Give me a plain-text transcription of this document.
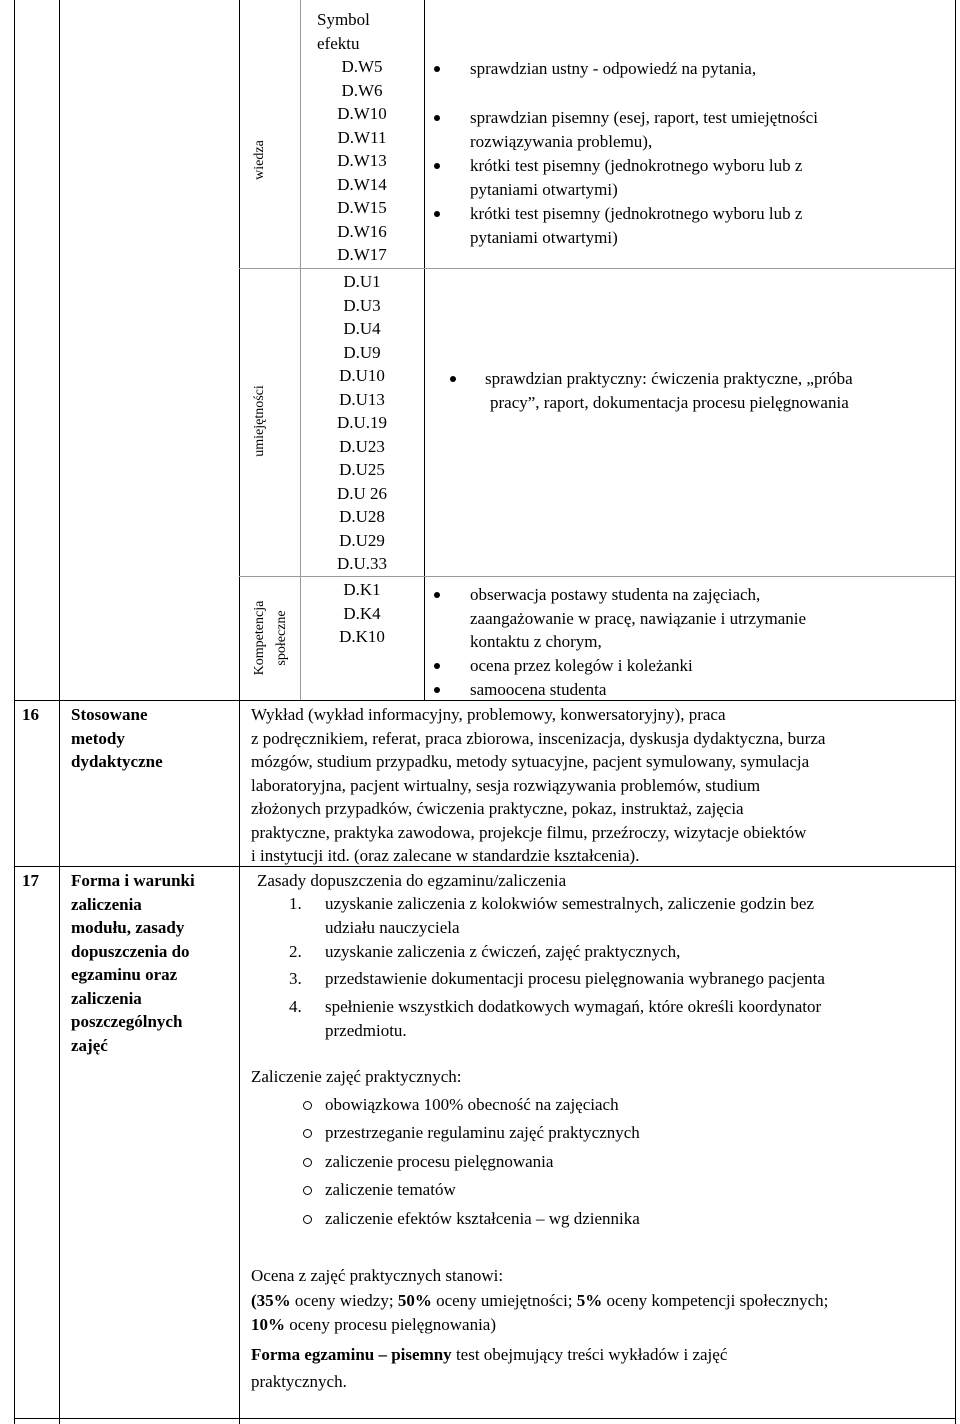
wiedza
umiejętności
Kompetencja społeczne
Symbol
efektu
D.W5
D.W6
D.W10
D.W11
D.W13
D.W14
D.W15
D.W16
D.W17
D.U1
D.U3
D.U4
D.U9
D.U10
D.U13
D.U.19
D.U23
D.U25
D.U 26
D.U28
D.U29
D.U.33
D.K1
D.K4
D.K10
sprawdzian ustny - odpowiedź na pytania,
sprawdzian pisemny (esej, raport, test umiejętności
rozwiązywania problemu),
krótki test pisemny (jednokrotnego wyboru lub z
pytaniami otwartymi)
krótki test pisemny (jednokrotnego wyboru lub z
pytaniami otwartymi)
sprawdzian praktyczny: ćwiczenia praktyczne, „próba
pracy”, raport, dokumentacja procesu pielęgnowania
obserwacja postawy studenta na zajęciach,
zaangażowanie w pracę, nawiązanie i utrzymanie
kontaktu z chorym,
ocena przez kolegów i koleżanki
samoocena studenta
16 Stosowane
metody
dydaktyczne
Wykład (wykład informacyjny, problemowy, konwersatoryjny), praca
z podręcznikiem, referat, praca zbiorowa, inscenizacja, dyskusja dydaktyczna, burza
mózgów, studium przypadku, metody sytuacyjne, pacjent symulowany, symulacja
laboratoryjna, pacjent wirtualny, sesja rozwiązywania problemów, studium
złożonych przypadków, ćwiczenia praktyczne, pokaz, instruktaż, zajęcia
praktyczne, praktyka zawodowa, projekcje filmu, przeźroczy, wizytacje obiektów
i instytucji itd. (oraz zalecane w standardzie kształcenia).
17 Forma i warunki
zaliczenia
modułu, zasady
dopuszczenia do
egzaminu oraz
zaliczenia
poszczególnych
zajęć
Zasady dopuszczenia do egzaminu/zaliczenia
1. uzyskanie zaliczenia z kolokwiów semestralnych, zaliczenie godzin bez
udziału nauczyciela
2. uzyskanie zaliczenia z ćwiczeń, zajęć praktycznych,
3. przedstawienie dokumentacji procesu pielęgnowania wybranego pacjenta
4. spełnienie wszystkich dodatkowych wymagań, które określi koordynator
przedmiotu.
Zaliczenie zajęć praktycznych:
obowiązkowa 100% obecność na zajęciach
przestrzeganie regulaminu zajęć praktycznych
zaliczenie procesu pielęgnowania
zaliczenie tematów
zaliczenie efektów kształcenia – wg dziennika
Ocena z zajęć praktycznych stanowi:
(35% oceny wiedzy; 50% oceny umiejętności; 5% oceny kompetencji społecznych;
10% oceny procesu pielęgnowania)
Forma egzaminu – pisemny test obejmujący treści wykładów i zajęć
praktycznych.
